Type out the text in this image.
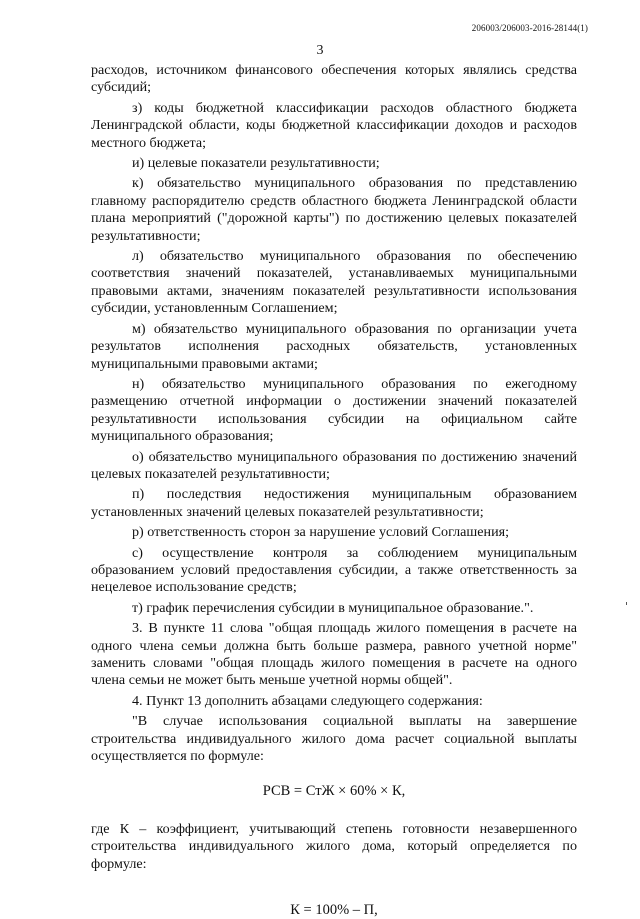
206003/206003-2016-28144(1)
3

расходов, источником финансового обеспечения которых являлись средства субсидий;

з) коды бюджетной классификации расходов областного бюджета Ленинградской области, коды бюджетной классификации доходов и расходов местного бюджета;

и) целевые показатели результативности;

к) обязательство муниципального образования по представлению главному распорядителю средств областного бюджета Ленинградской области плана мероприятий ("дорожной карты") по достижению целевых показателей результативности;

л) обязательство муниципального образования по обеспечению соответствия значений показателей, устанавливаемых муниципальными правовыми актами, значениям показателей результативности использования субсидии, установленным Соглашением;

м) обязательство муниципального образования по организации учета результатов исполнения расходных обязательств, установленных муниципальными правовыми актами;

н) обязательство муниципального образования по ежегодному размещению отчетной информации о достижении значений показателей результативности использования субсидии на официальном сайте муниципального образования;

о) обязательство муниципального образования по достижению значений целевых показателей результативности;

п) последствия недостижения муниципальным образованием установленных значений целевых показателей результативности;

р) ответственность сторон за нарушение условий Соглашения;

с) осуществление контроля за соблюдением муниципальным образованием условий предоставления субсидии, а также ответственность за нецелевое использование средств;

т) график перечисления субсидии в муниципальное образование.".

3. В пункте 11 слова "общая площадь жилого помещения в расчете на одного члена семьи должна быть больше размера, равного учетной норме" заменить словами "общая площадь жилого помещения в расчете на одного члена семьи не может быть меньше учетной нормы общей".

4. Пункт 13 дополнить абзацами следующего содержания:

"В случае использования социальной выплаты на завершение строительства индивидуального жилого дома расчет социальной выплаты осуществляется по формуле:

РСВ = СтЖ × 60% × К,

где К – коэффициент, учитывающий степень готовности незавершенного строительства индивидуального жилого дома, который определяется по формуле:

К = 100% – П,
